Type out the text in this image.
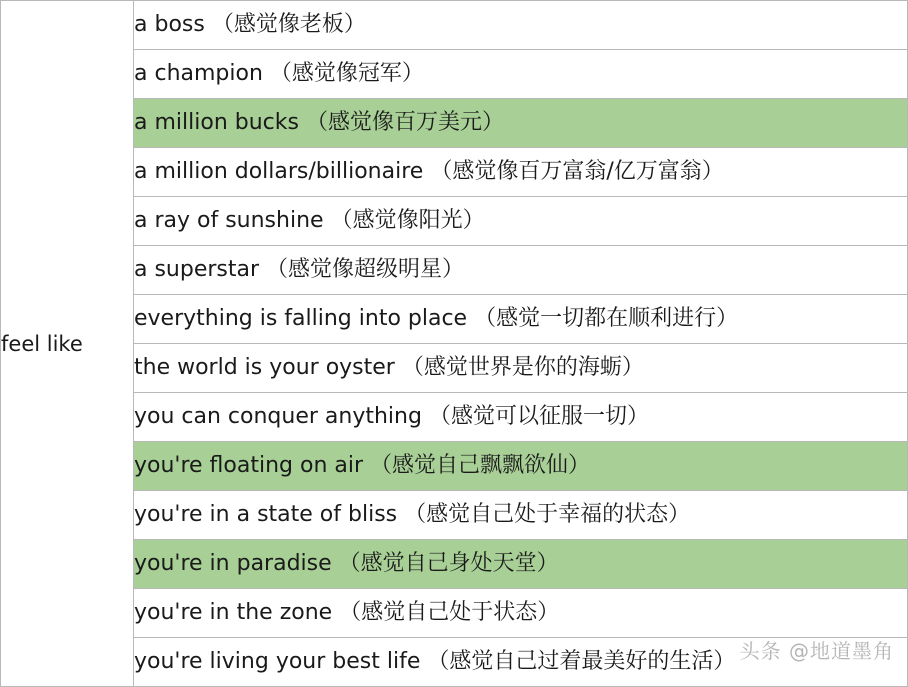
feel like	a boss （感觉像老板）
a champion （感觉像冠军）
a million bucks （感觉像百万美元）
a million dollars/billionaire （感觉像百万富翁/亿万富翁）
a ray of sunshine （感觉像阳光）
a superstar （感觉像超级明星）
everything is falling into place （感觉一切都在顺利进行）
the world is your oyster （感觉世界是你的海蛎）
you can conquer anything （感觉可以征服一切）
you're floating on air （感觉自己飘飘欲仙）
you're in a state of bliss （感觉自己处于幸福的状态）
you're in paradise （感觉自己身处天堂）
you're in the zone （感觉自己处于状态）
you're living your best life （感觉自己过着最美好的生活） 头条 @地道墨角
